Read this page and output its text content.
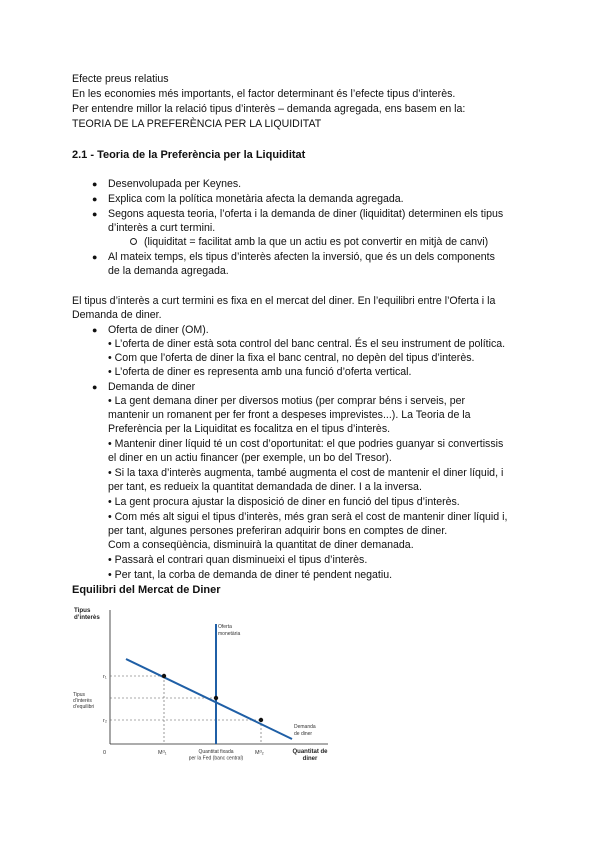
Efecte preus relatius
En les economies més importants, el factor determinant és l’efecte tipus d’interès.
Per entendre millor la relació tipus d’interès – demanda agregada, ens basem en la:
TEORIA DE LA PREFERÈNCIA PER LA LIQUIDITAT
2.1 - Teoria de la Preferència per la Liquiditat
● Desenvolupada per Keynes.
● Explica com la política monetària afecta la demanda agregada.
● Segons aquesta teoria, l’oferta i la demanda de diner (liquiditat) determinen els tipus
d’interès a curt termini.
(liquiditat = facilitat amb la que un actiu es pot convertir en mitjà de canvi)
● Al mateix temps, els tipus d’interès afecten la inversió, que és un dels components
de la demanda agregada.
El tipus d’interès a curt termini es fixa en el mercat del diner. En l’equilibri entre l’Oferta i la
Demanda de diner.
● Oferta de diner (OM).
• L’oferta de diner està sota control del banc central. És el seu instrument de política.
• Com que l’oferta de diner la fixa el banc central, no depèn del tipus d’interès.
• L’oferta de diner es representa amb una funció d’oferta vertical.
● Demanda de diner
• La gent demana diner per diversos motius (per comprar béns i serveis, per
mantenir un romanent per fer front a despeses imprevistes...). La Teoria de la
Preferència per la Liquiditat es focalitza en el tipus d’interès.
• Mantenir diner líquid té un cost d’oportunitat: el que podries guanyar si convertissis
el diner en un actiu financer (per exemple, un bo del Tresor).
• Si la taxa d’interès augmenta, també augmenta el cost de mantenir el diner líquid, i
per tant, es redueix la quantitat demandada de diner. I a la inversa.
• La gent procura ajustar la disposició de diner en funció del tipus d’interès.
• Com més alt sigui el tipus d’interès, més gran serà el cost de mantenir diner líquid i,
per tant, algunes persones preferiran adquirir bons en comptes de diner.
Com a conseqüència, disminuirà la quantitat de diner demanada.
• Passarà el contrari quan disminueixi el tipus d’interès.
• Per tant, la corba de demanda de diner té pendent negatiu.
Equilibri del Mercat de Diner
Tipus d’interès
Tipus d’interès d’equilibri
r₁
r₂
0
Oferta monetària
Demanda de diner
Mᵈ₁	Quantitat fixada per la Fed (banc central)
Mᵈ₂	Quantitat de diner
